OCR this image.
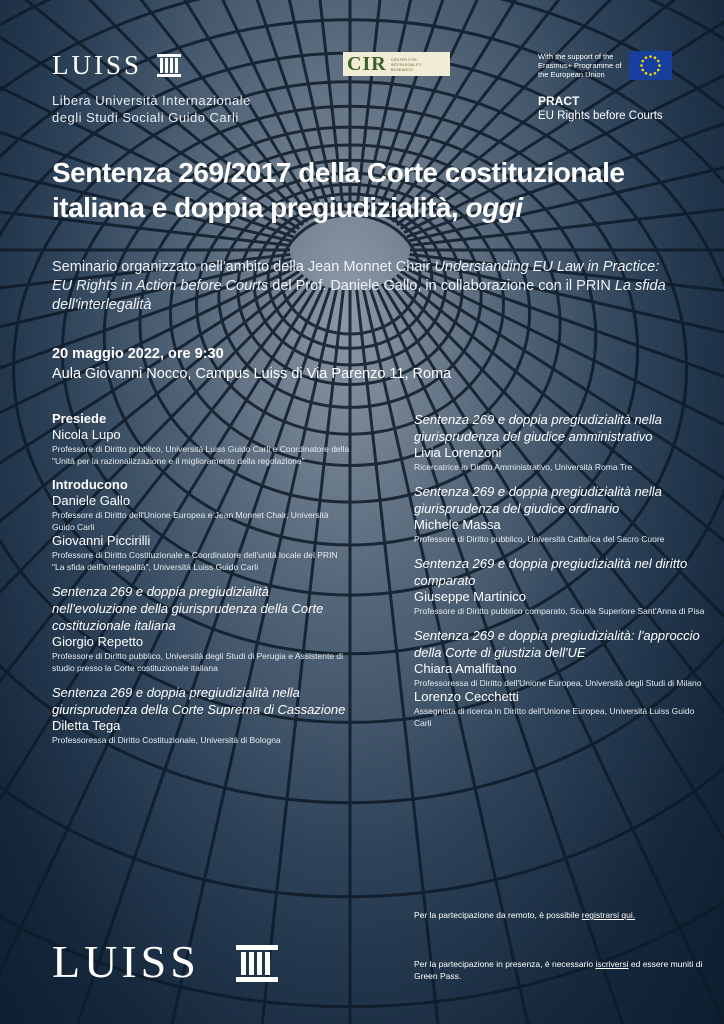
LUISS
Libera Università Internazionale
degli Studi Sociali Guido Carli
CIR	CENTER FOR INTERLEGALITY RESEARCH
With the support of the Erasmus+ Programme of the European Union
PRACT
EU Rights before Courts
Sentenza 269/2017 della Corte costituzionale
italiana e doppia pregiudizialità, oggi
Seminario organizzato nell'ambito della Jean Monnet Chair Understanding EU Law in Practice: EU Rights in Action before Courts del Prof. Daniele Gallo, in collaborazione con il PRIN La sfida dell'interlegalità
20 maggio 2022, ore 9:30
Aula Giovanni Nocco, Campus Luiss di Via Parenzo 11, Roma
Presiede
Nicola Lupo
Professore di Diritto pubblico, Università Luiss Guido Carli e Coordinatore della "Unità per la razionalizzazione e il miglioramento della regolazione"
Introducono
Daniele Gallo
Professore di Diritto dell'Unione Europea e Jean Monnet Chair, Università Guido Carli
Giovanni Piccirilli
Professore di Diritto Costituzionale e Coordinatore dell'unità locale del PRIN "La sfida dell'interlegalità", Università Luiss Guido Carli
Sentenza 269 e doppia pregiudizialità nell'evoluzione della giurisprudenza della Corte costituzionale italiana
Giorgio Repetto
Professore di Diritto pubblico, Università degli Studi di Perugia e Assistente di studio presso la Corte costituzionale italiana
Sentenza 269 e doppia pregiudizialità nella giurisprudenza della Corte Suprema di Cassazione
Diletta Tega
Professoressa di Diritto Costituzionale, Università di Bologna
Sentenza 269 e doppia pregiudizialità nella giurisprudenza del giudice amministrativo
Livia Lorenzoni
Ricercatrice in Diritto Amministrativo, Università Roma Tre
Sentenza 269 e doppia pregiudizialità nella giurisprudenza del giudice ordinario
Michele Massa
Professore di Diritto pubblico, Università Cattolica del Sacro Cuore
Sentenza 269 e doppia pregiudizialità nel diritto comparato
Giuseppe Martinico
Professore di Diritto pubblico comparato, Scuola Superiore Sant'Anna di Pisa
Sentenza 269 e doppia pregiudizialità: l'approccio della Corte di giustizia dell'UE
Chiara Amalfitano
Professoressa di Diritto dell'Unione Europea, Università degli Studi di Milano
Lorenzo Cecchetti
Assegnista di ricerca in Diritto dell'Unione Europea, Università Luiss Guido Carli
Per la partecipazione da remoto, è possibile registrarsi qui.
Per la partecipazione in presenza, è necessario iscriversi ed essere muniti di Green Pass.
LUISS
